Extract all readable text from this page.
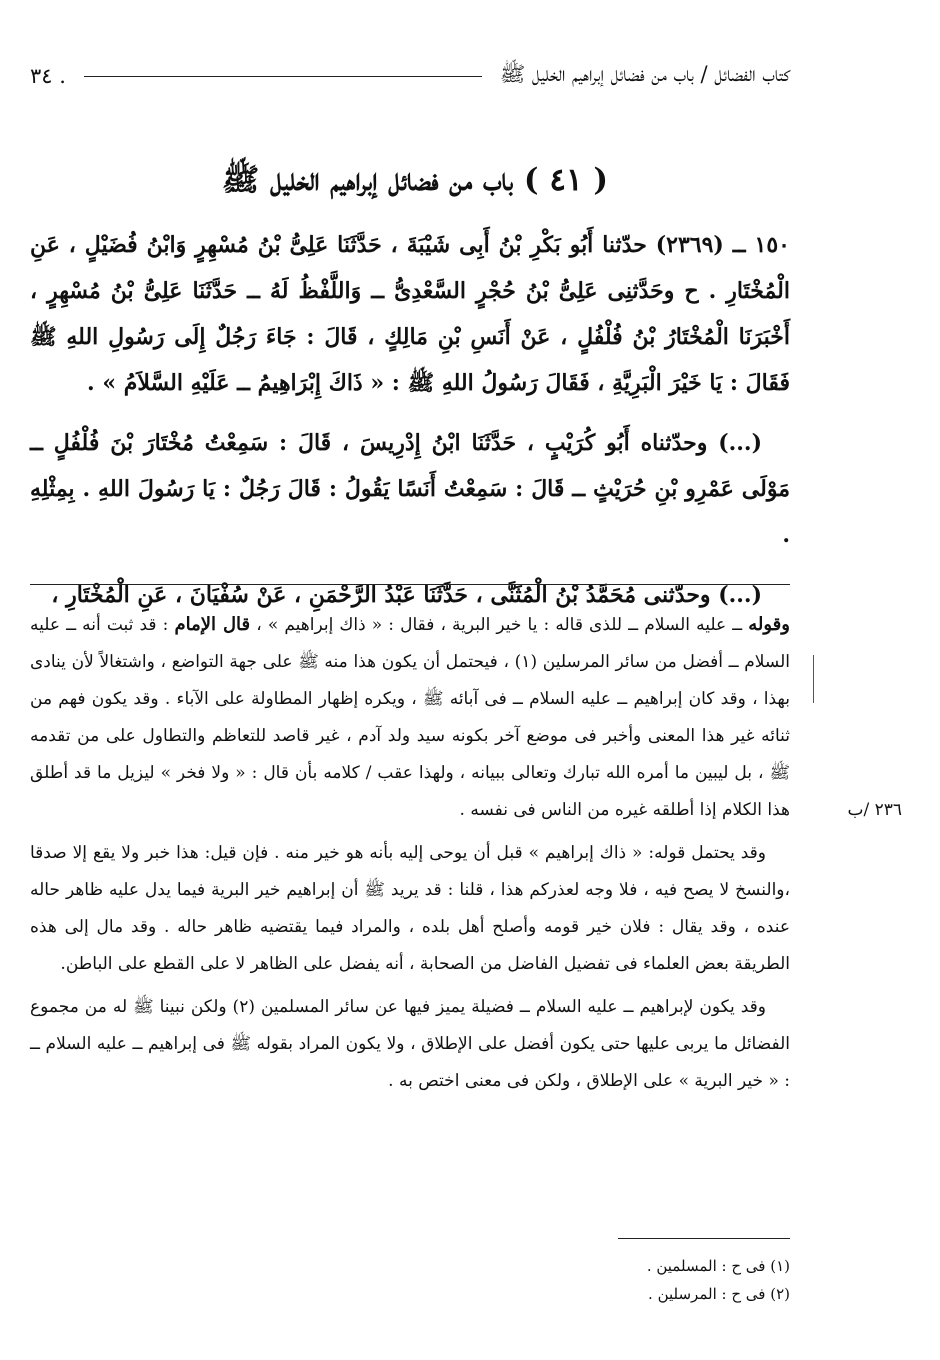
كتاب الفضائل / باب من فضائل إبراهيم الخليل ﷺ
. ٣٤
( ٤١ ) باب من فضائل إبراهيم الخليل ﷺ

١٥٠ ــ (٢٣٦٩) حدّثنا أَبُو بَكْرِ بْنُ أَبِى شَيْبَةَ ، حَدَّثَنَا عَلِىُّ بْنُ مُسْهِرٍ وَابْنُ فُضَيْلٍ ، عَنِ الْمُخْتَارِ . ح وحَدَّثنِى عَلِىُّ بْنُ حُجْرٍ السَّعْدِىُّ ــ وَاللَّفْظُ لَهُ ــ حَدَّثَنَا عَلِىُّ بْنُ مُسْهِرٍ ، أَخْبَرَنَا الْمُخْتَارُ بْنُ فُلْفُلٍ ، عَنْ أَنَسِ بْنِ مَالِكٍ ، قَالَ : جَاءَ رَجُلٌ إِلَى رَسُولِ اللهِ ﷺ فَقَالَ : يَا خَيْرَ الْبَرِيَّةِ ، فَقَالَ رَسُولُ اللهِ ﷺ : « ذَاكَ إِبْرَاهِيمُ ــ عَلَيْهِ السَّلاَمُ » .

(...) وحدّثناه أَبُو كُرَيْبٍ ، حَدَّثَنَا ابْنُ إِدْرِيسَ ، قَالَ : سَمِعْتُ مُخْتَارَ بْنَ فُلْفُلٍ ــ مَوْلَى عَمْرِو بْنِ حُرَيْثٍ ــ قَالَ : سَمِعْتُ أَنَسًا يَقُولُ : قَالَ رَجُلٌ : يَا رَسُولَ اللهِ . بِمِثْلِهِ .

(...) وحدّثنى مُحَمَّدُ بْنُ الْمُثَنَّى ، حَدَّثَنَا عَبْدُ الرَّحْمَنِ ، عَنْ سُفْيَانَ ، عَنِ الْمُخْتَارِ ،

٢٣٦ /ب

وقوله ــ عليه السلام ــ للذى قاله : يا خير البرية ، فقال : « ذاك إبراهيم » ، قال الإمام : قد ثبت أنه ــ عليه السلام ــ أفضل من سائر المرسلين (١) ، فيحتمل أن يكون هذا منه ﷺ على جهة التواضع ، واشتغالاً لأن ينادى بهذا ، وقد كان إبراهيم ــ عليه السلام ــ فى آبائه ﷺ ، ويكره إظهار المطاولة على الآباء . وقد يكون فهم من ثنائه غير هذا المعنى وأخبر فى موضع آخر بكونه سيد ولد آدم ، غير قاصد للتعاظم والتطاول على من تقدمه ﷺ ، بل ليبين ما أمره الله تبارك وتعالى ببيانه ، ولهذا عقب / كلامه بأن قال : « ولا فخر » ليزيل ما قد أطلق هذا الكلام إذا أطلقه غيره من الناس فى نفسه .

وقد يحتمل قوله: « ذاك إبراهيم » قبل أن يوحى إليه بأنه هو خير منه . فإن قيل: هذا خبر ولا يقع إلا صدقا ،والنسخ لا يصح فيه ، فلا وجه لعذركم هذا ، قلنا : قد يريد ﷺ أن إبراهيم خير البرية فيما يدل عليه ظاهر حاله عنده ، وقد يقال : فلان خير قومه وأصلح أهل بلده ، والمراد فيما يقتضيه ظاهر حاله . وقد مال إلى هذه الطريقة بعض العلماء فى تفضيل الفاضل من الصحابة ، أنه يفضل على الظاهر لا على القطع على الباطن.

وقد يكون لإبراهيم ــ عليه السلام ــ فضيلة يميز فيها عن سائر المسلمين (٢) ولكن نبينا ﷺ له من مجموع الفضائل ما يربى عليها حتى يكون أفضل على الإطلاق ، ولا يكون المراد بقوله ﷺ فى إبراهيم ــ عليه السلام ــ : « خير البرية » على الإطلاق ، ولكن فى معنى اختص به .

(١) فى ح : المسلمين .

(٢) فى ح : المرسلين .
